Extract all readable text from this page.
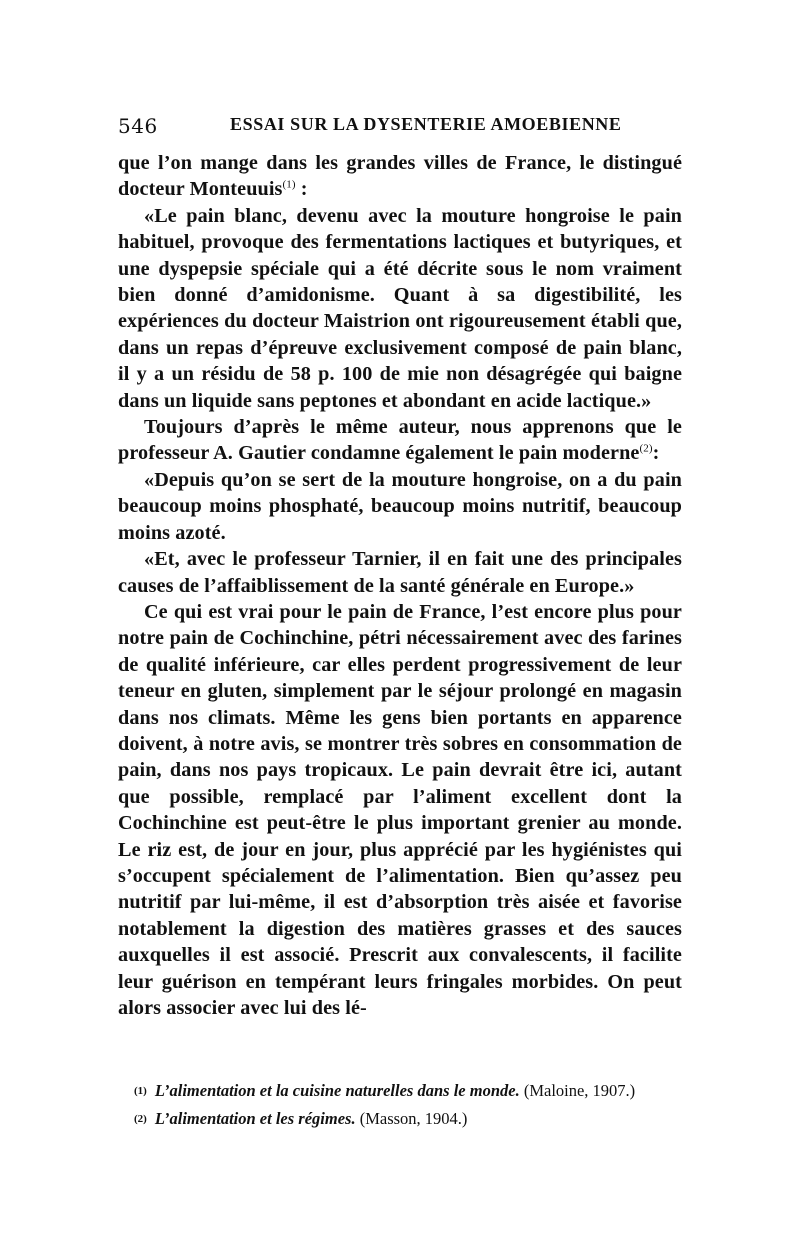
546	ESSAI SUR LA DYSENTERIE AMOEBIENNE

que l’on mange dans les grandes villes de France, le distingué docteur Monteuuis$^{(1)}$ :

«Le pain blanc, devenu avec la mouture hongroise le pain habituel, provoque des fermentations lactiques et butyriques, et une dyspepsie spéciale qui a été décrite sous le nom vraiment bien donné d’amidonisme. Quant à sa digestibilité, les expériences du docteur Maistrion ont rigoureusement établi que, dans un repas d’épreuve exclusivement composé de pain blanc, il y a un résidu de 58 p. 100 de mie non désagrégée qui baigne dans un liquide sans peptones et abondant en acide lactique.»

Toujours d’après le même auteur, nous apprenons que le professeur A. Gautier condamne également le pain moderne$^{(2)}$:

«Depuis qu’on se sert de la mouture hongroise, on a du pain beaucoup moins phosphaté, beaucoup moins nutritif, beaucoup moins azoté.

«Et, avec le professeur Tarnier, il en fait une des principales causes de l’affaiblissement de la santé générale en Europe.»

Ce qui est vrai pour le pain de France, l’est encore plus pour notre pain de Cochinchine, pétri nécessairement avec des farines de qualité inférieure, car elles perdent progressivement de leur teneur en gluten, simplement par le séjour prolongé en magasin dans nos climats. Même les gens bien portants en apparence doivent, à notre avis, se montrer très sobres en consommation de pain, dans nos pays tropicaux. Le pain devrait être ici, autant que possible, remplacé par l’aliment excellent dont la Cochinchine est peut-être le plus important grenier au monde. Le riz est, de jour en jour, plus apprécié par les hygiénistes qui s’occupent spécialement de l’alimentation. Bien qu’assez peu nutritif par lui-même, il est d’absorption très aisée et favorise notablement la digestion des matières grasses et des sauces auxquelles il est associé. Prescrit aux convalescents, il facilite leur guérison en tempérant leurs fringales morbides. On peut alors associer avec lui des lé-

$^{(1)}$ L’alimentation et la cuisine naturelles dans le monde. (Maloine, 1907.)
$^{(2)}$ L’alimentation et les régimes. (Masson, 1904.)
